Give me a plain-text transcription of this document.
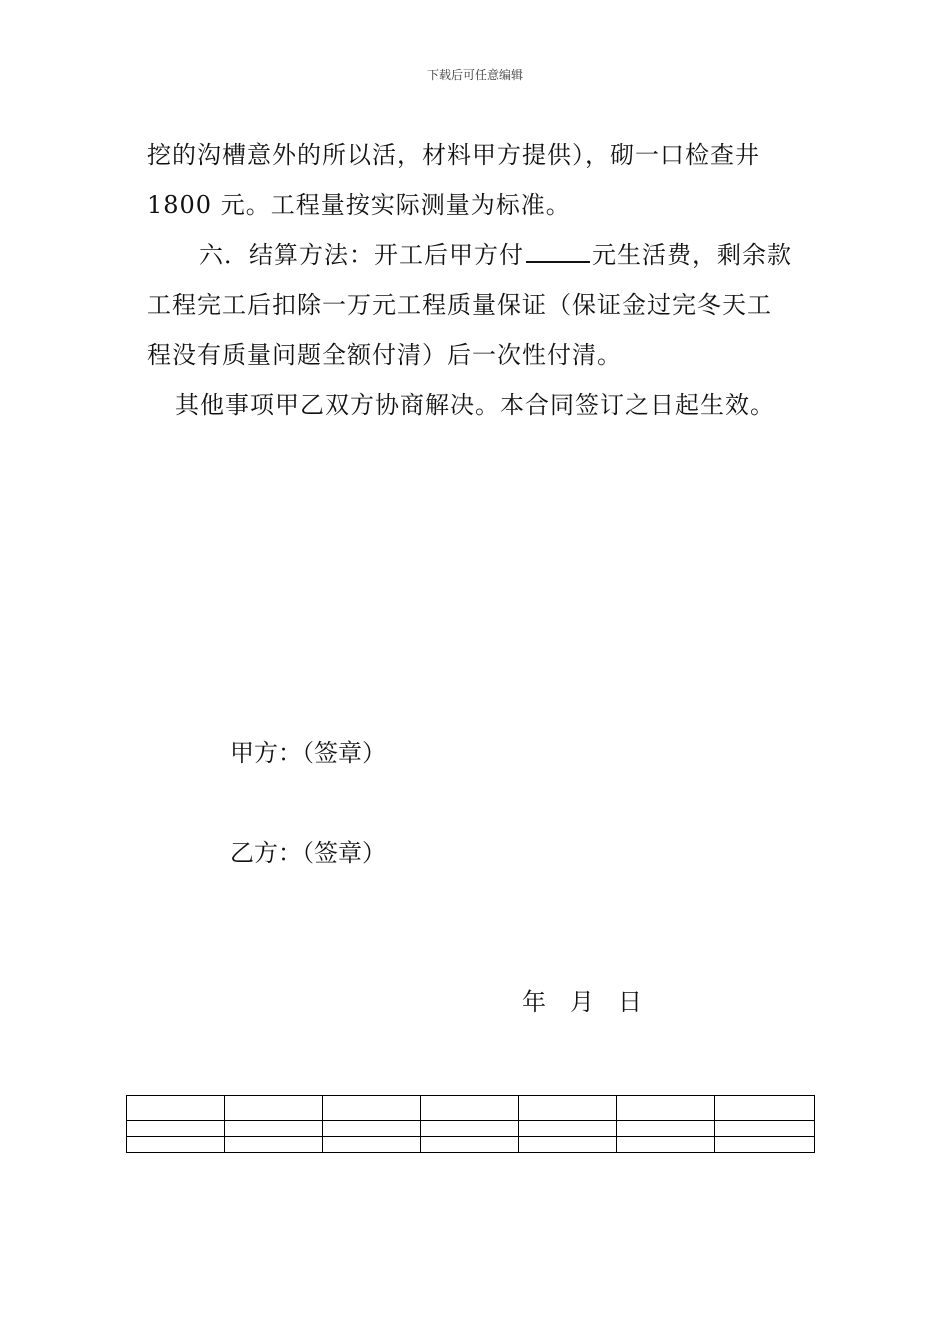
下载后可任意编辑
挖的沟槽意外的所以活，材料甲方提供），砌一口检查井
1800 元。工程量按实际测量为标准。
六．结算方法：开工后甲方付	元生活费，剩余款
工程完工后扣除一万元工程质量保证（保证金过完冬天工
程没有质量问题全额付清）后一次性付清。
其他事项甲乙双方协商解决。本合同签订之日起生效。
甲方：（签章）
乙方：（签章）
年 月 日
